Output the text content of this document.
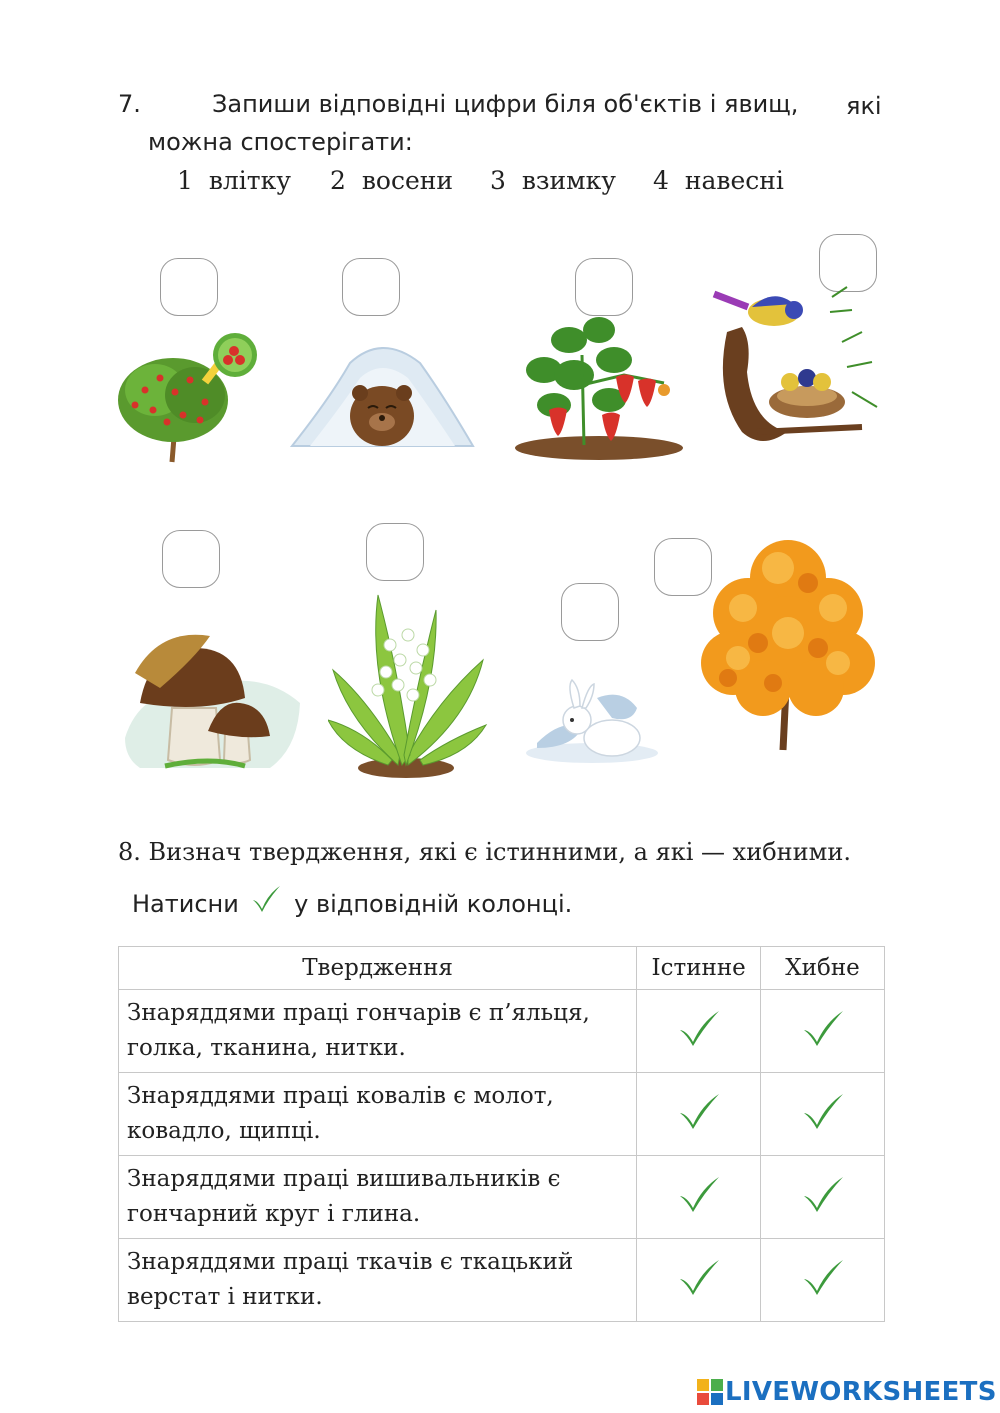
7.	Запиши відповідні цифри біля об'єктів і явищ, які
можна спостерігати:
1 влітку 2 восени 3 взимку 4 навесні
8. Визнач твердження, які є істинними, а які — хибними.
Натисни у відповідній колонці.
Твердження	Істинне	Хибне

Знаряддями праці гончарів є п’яльця,
голка, тканина, нитки.

Знаряддями праці ковалів є молот,
ковадло, щипці.

Знаряддями праці вишивальників є
гончарний круг і глина.

Знаряддями праці ткачів є ткацький
верстат і нитки.

LIVEWORKSHEETS
